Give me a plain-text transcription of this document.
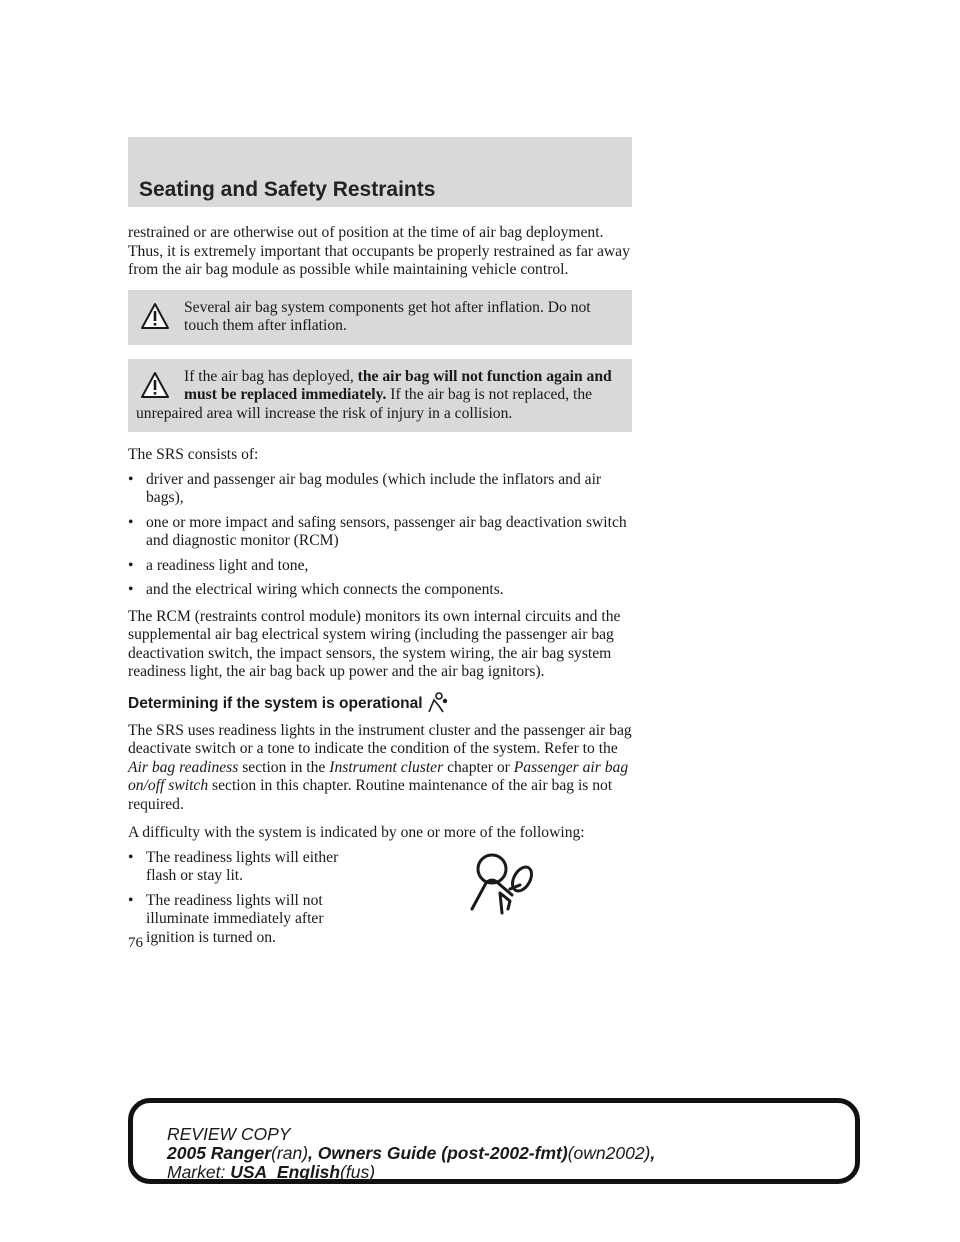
Seating and Safety Restraints

restrained or are otherwise out of position at the time of air bag deployment. Thus, it is extremely important that occupants be properly restrained as far away from the air bag module as possible while maintaining vehicle control.

Several air bag system components get hot after inflation. Do not touch them after inflation.

If the air bag has deployed, the air bag will not function again and must be replaced immediately. If the air bag is not replaced, the unrepaired area will increase the risk of injury in a collision.

The SRS consists of:

• driver and passenger air bag modules (which include the inflators and air bags),
• one or more impact and safing sensors, passenger air bag deactivation switch and diagnostic monitor (RCM)
• a readiness light and tone,
• and the electrical wiring which connects the components.

The RCM (restraints control module) monitors its own internal circuits and the supplemental air bag electrical system wiring (including the passenger air bag deactivation switch, the impact sensors, the system wiring, the air bag system readiness light, the air bag back up power and the air bag ignitors).

Determining if the system is operational

The SRS uses readiness lights in the instrument cluster and the passenger air bag deactivate switch or a tone to indicate the condition of the system. Refer to the Air bag readiness section in the Instrument cluster chapter or Passenger air bag on/off switch section in this chapter. Routine maintenance of the air bag is not required.

A difficulty with the system is indicated by one or more of the following:

• The readiness lights will either flash or stay lit.
• The readiness lights will not illuminate immediately after ignition is turned on.
76
REVIEW COPY
2005 Ranger(ran), Owners Guide (post-2002-fmt)(own2002),
Market: USA_English(fus)
